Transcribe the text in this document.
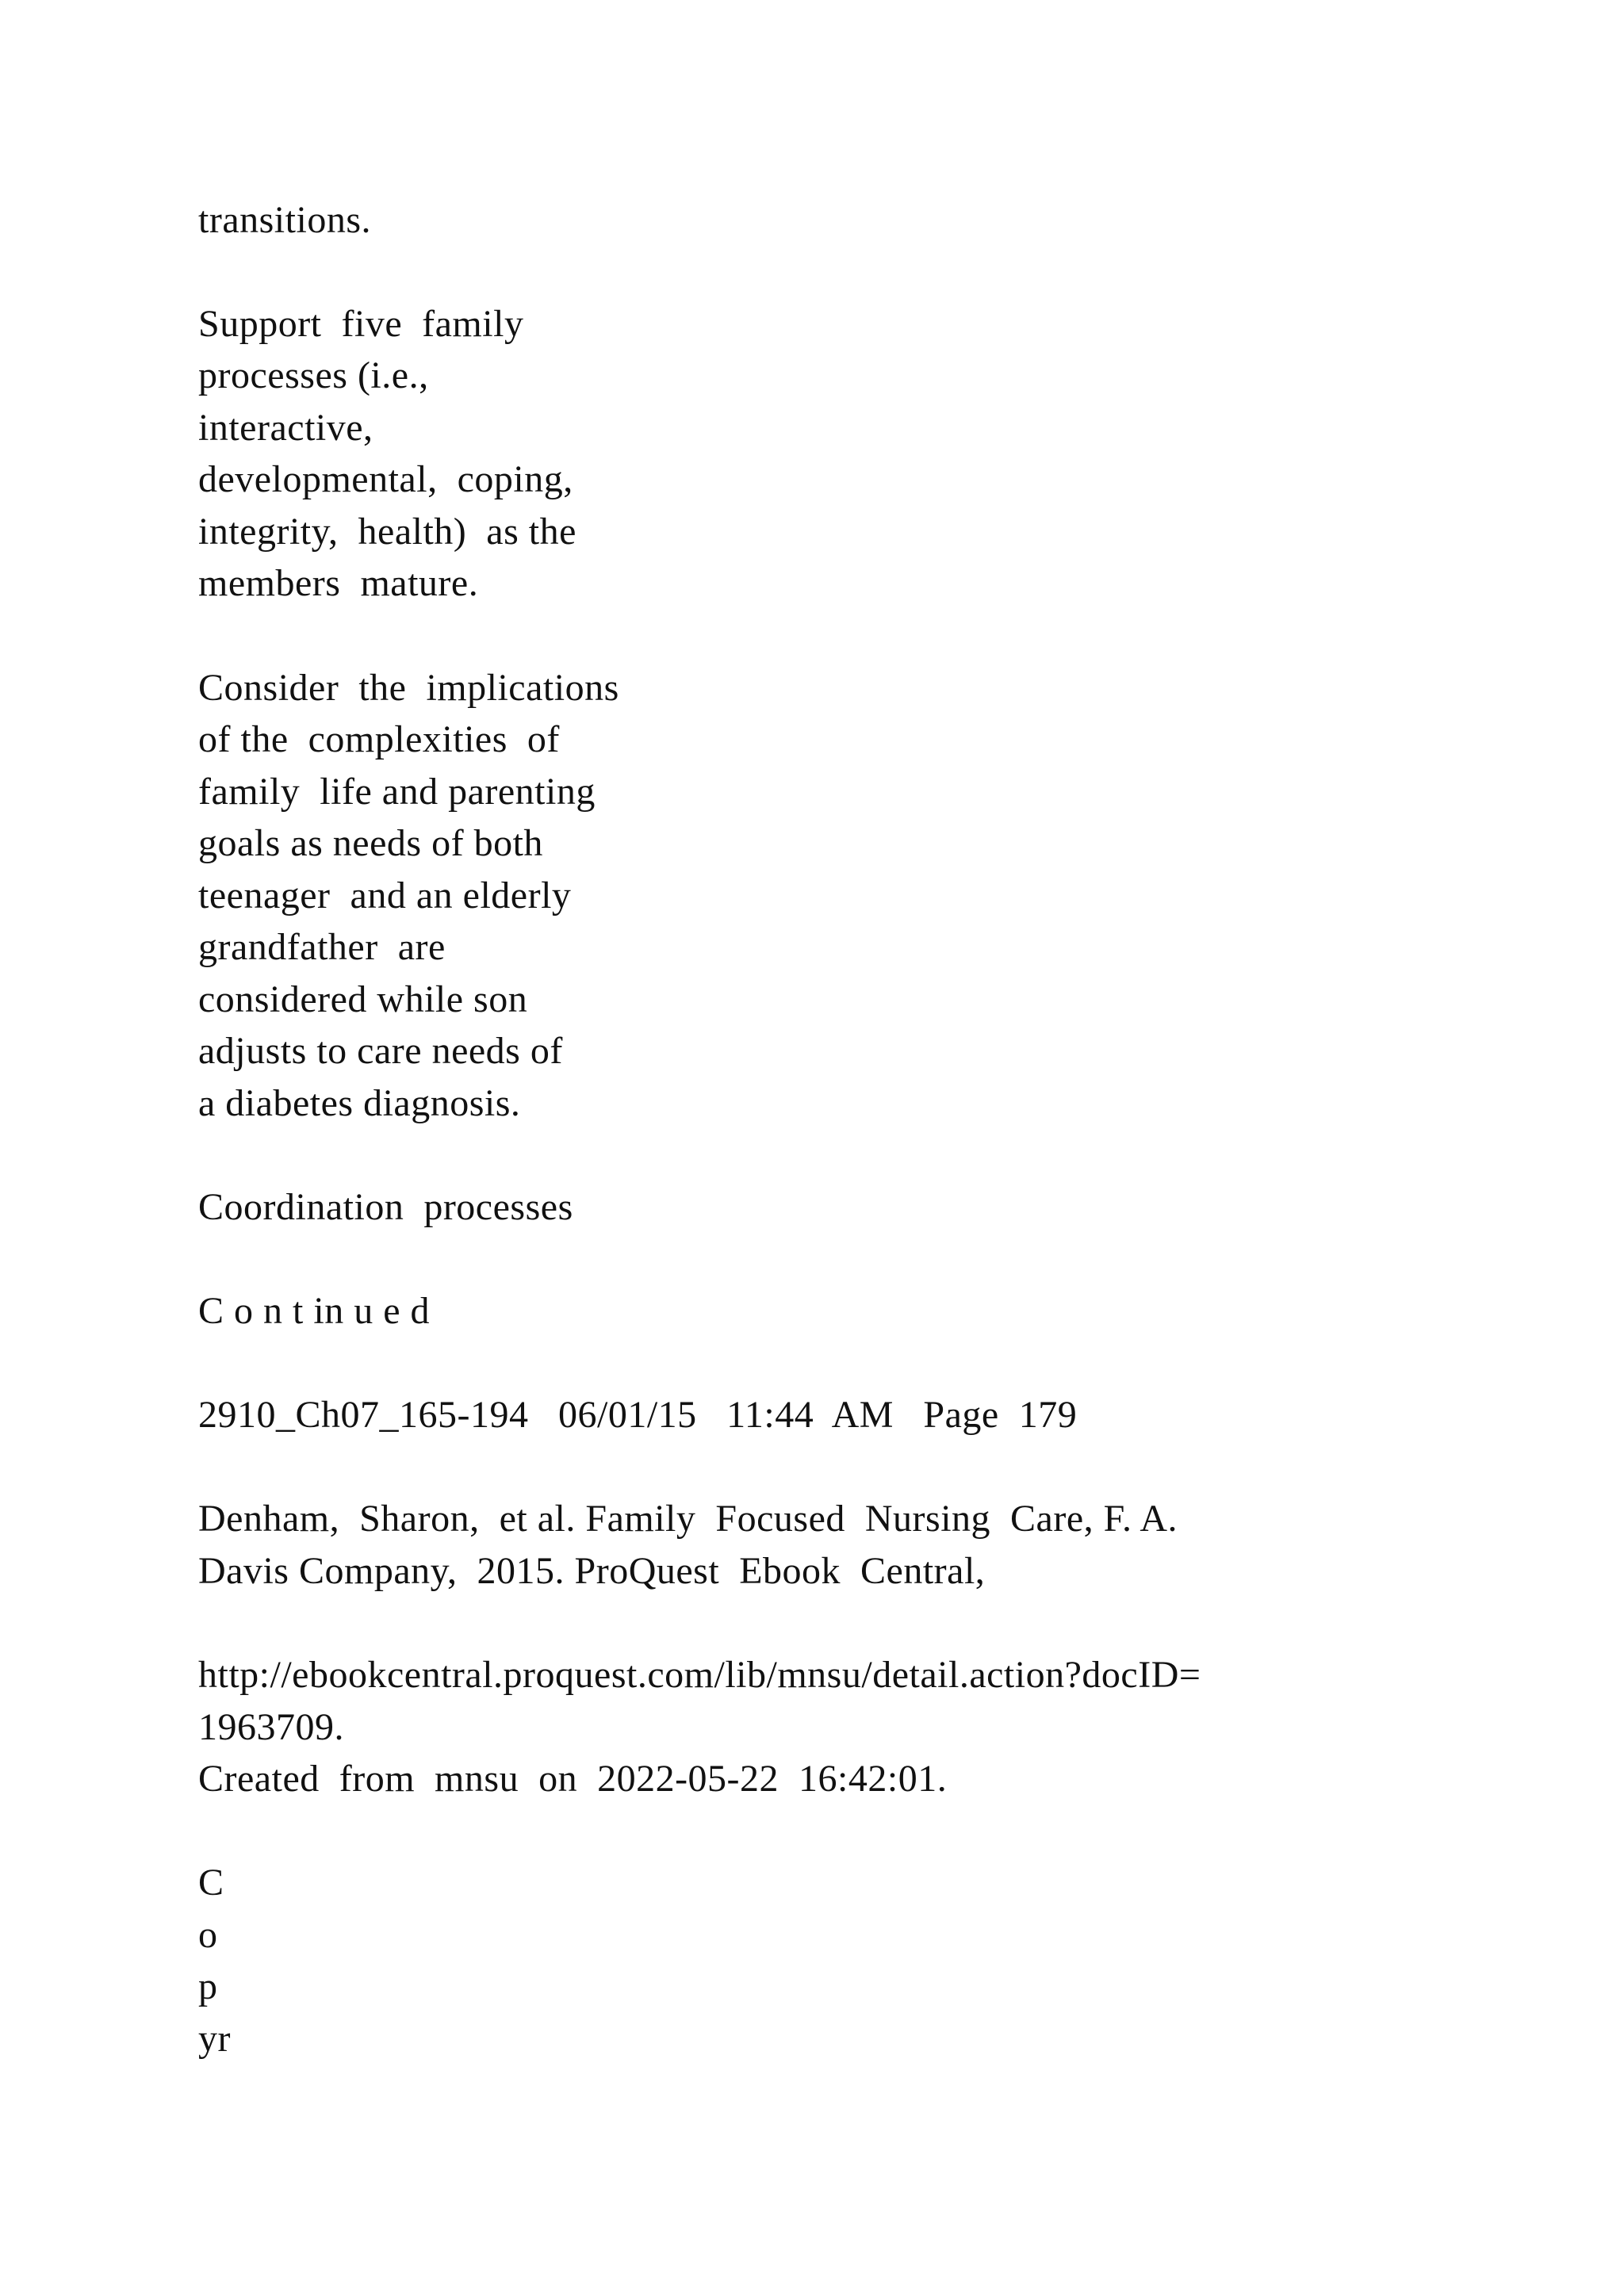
transitions.

Support  five  family

processes (i.e.,

interactive,

developmental,  coping,

integrity,  health)  as the

members  mature.

Consider  the  implications

of the  complexities  of

family  life and parenting

goals as needs of both

teenager  and an elderly

grandfather  are

considered while son

adjusts to care needs of

a diabetes diagnosis.

Coordination  processes

C o n t in u e d

2910_Ch07_165-194   06/01/15   11:44  AM   Page  179

Denham,  Sharon,  et al. Family  Focused  Nursing  Care, F. A.

Davis Company,  2015. ProQuest  Ebook  Central,

http://ebookcentral.proquest.com/lib/mnsu/detail.action?docID=

1963709.

Created  from  mnsu  on  2022-05-22  16:42:01.

C

o

p

yr
